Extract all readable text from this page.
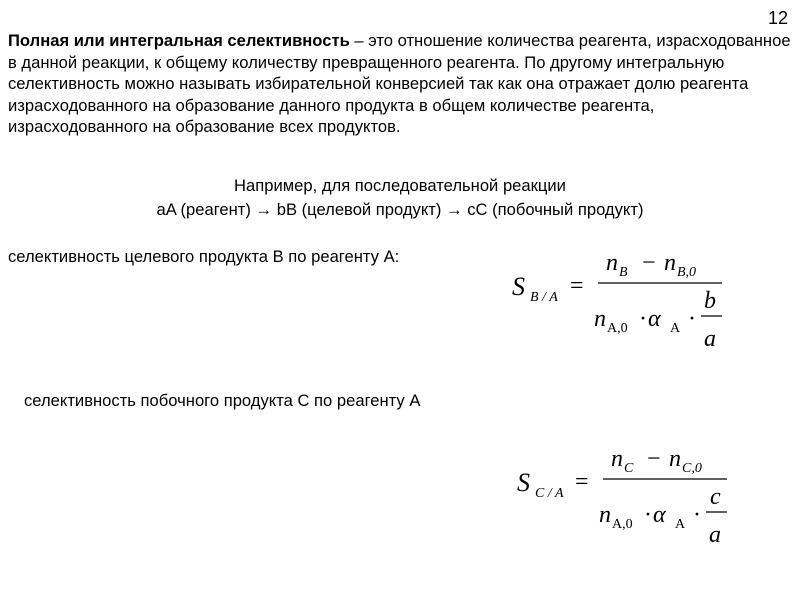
12

Полная или интегральная селективность – это отношение количества реагента, израсходованное в данной реакции, к общему количеству превращенного реагента. По другому интегральную селективность можно называть избирательной конверсией так как она отражает долю реагента израсходованного на образование данного продукта в общем количестве реагента, израсходованного на образование всех продуктов.

Например, для последовательной реакции
aA (реагент) → bB (целевой продукт) → cC (побочный продукт)
селективность целевого продукта В по реагенту А:
S B / A =
n B − n B,0
n A,0 · α A ·
b
a
селективность побочного продукта С по реагенту А
S C / A =
n C − n C,0
n A,0 · α A ·
c
a
